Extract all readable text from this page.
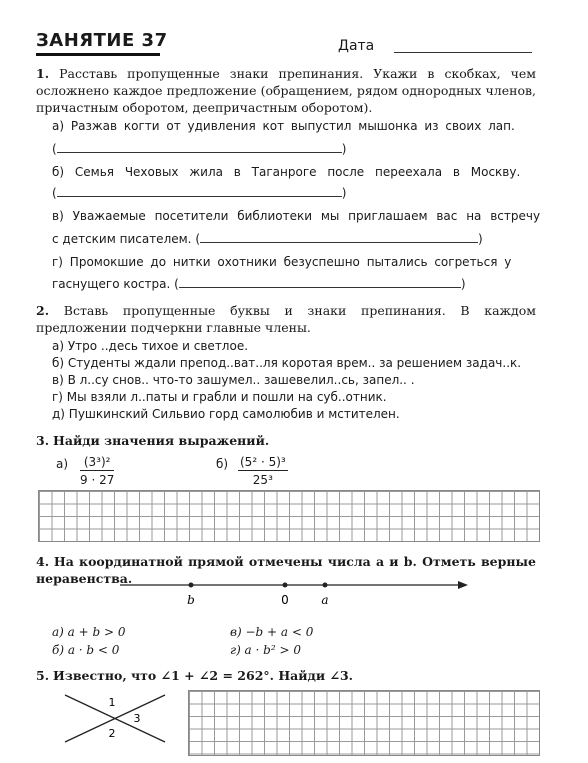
ЗАНЯТИЕ 37	Дата
1. Расставь пропущенные знаки препинания. Укажи в скобках, чем осложнено каждое предложение (обращением, рядом однородных членов, причастным оборотом, деепричастным оборотом).
а) Разжав когти от удивления кот выпустил мышонка из своих лап.
(	)
б) Семья Чеховых жила в Таганроге после переехала в Москву.
(	)
в) Уважаемые посетители библиотеки мы приглашаем вас на встречу
с детским писателем. (	)
г) Промокшие до нитки охотники безуспешно пытались согреться у
гаснущего костра. (	)
2. Вставь пропущенные буквы и знаки препинания. В каждом предложении подчеркни главные члены.
а) Утро ..десь тихое и светлое.
б) Студенты ждали препод..ват..ля коротая врем.. за решением задач..к.
в) В л..су снов.. что-то зашумел.. зашевелил..сь, запел.. .
г) Мы взяли л..паты и грабли и пошли на суб..отник.
д) Пушкинский Сильвио горд самолюбив и мстителен.
3. Найди значения выражений.
$а) \frac{\text{(3³)²}}{9 \cdot 27}$	$б) \frac{\text{(5² · 5)³}}{\text{25³}}$
4. На координатной прямой отмечены числа a и b. Отметь верные неравенства.
b	0	a
а) a + b > 0
б) a · b < 0
в) −b + a < 0
г) a · b² > 0
5. Известно, что ∠1 + ∠2 = 262°. Найди ∠3.
1
3
2
